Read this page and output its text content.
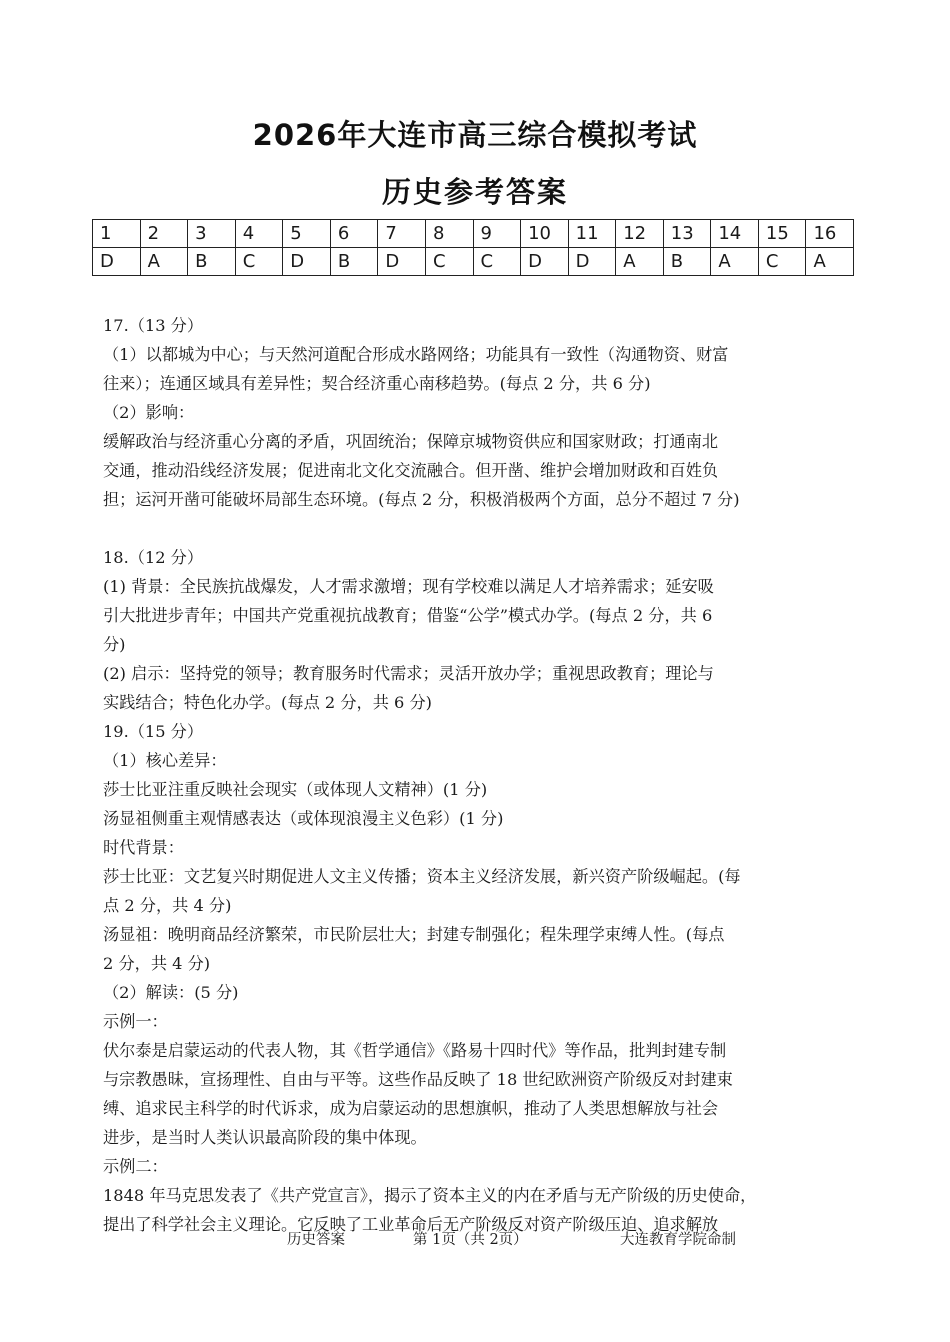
2026年大连市高三综合模拟考试
历史参考答案
1	2	3	4	5	6	7	8	9	10	11	12	13	14	15	16
D	A	B	C	D	B	D	C	C	D	D	A	B	A	C	A
17.（13 分）
（1）以都城为中心；与天然河道配合形成水路网络；功能具有一致性（沟通物资、财富
往来）；连通区域具有差异性；契合经济重心南移趋势。(每点 2 分，共 6 分)
（2）影响：
缓解政治与经济重心分离的矛盾，巩固统治；保障京城物资供应和国家财政；打通南北
交通，推动沿线经济发展；促进南北文化交流融合。但开凿、维护会增加财政和百姓负
担；运河开凿可能破坏局部生态环境。(每点 2 分，积极消极两个方面，总分不超过 7 分)
18.（12 分）
(1) 背景：全民族抗战爆发，人才需求激增；现有学校难以满足人才培养需求；延安吸
引大批进步青年；中国共产党重视抗战教育；借鉴“公学”模式办学。(每点 2 分，共 6
分)
(2) 启示：坚持党的领导；教育服务时代需求；灵活开放办学；重视思政教育；理论与
实践结合；特色化办学。(每点 2 分，共 6 分)
19.（15 分）
（1）核心差异：
莎士比亚注重反映社会现实（或体现人文精神）(1 分)
汤显祖侧重主观情感表达（或体现浪漫主义色彩）(1 分)
时代背景：
莎士比亚：文艺复兴时期促进人文主义传播；资本主义经济发展，新兴资产阶级崛起。(每
点 2 分，共 4 分)
汤显祖：晚明商品经济繁荣，市民阶层壮大；封建专制强化；程朱理学束缚人性。(每点
2 分，共 4 分)
（2）解读：(5 分)
示例一：
伏尔泰是启蒙运动的代表人物，其《哲学通信》《路易十四时代》等作品，批判封建专制
与宗教愚昧，宣扬理性、自由与平等。这些作品反映了 18 世纪欧洲资产阶级反对封建束
缚、追求民主科学的时代诉求，成为启蒙运动的思想旗帜，推动了人类思想解放与社会
进步，是当时人类认识最高阶段的集中体现。
示例二：
1848 年马克思发表了《共产党宣言》，揭示了资本主义的内在矛盾与无产阶级的历史使命，
提出了科学社会主义理论。它反映了工业革命后无产阶级反对资产阶级压迫、追求解放
历史答案	第 1页（共 2页）	大连教育学院命制
